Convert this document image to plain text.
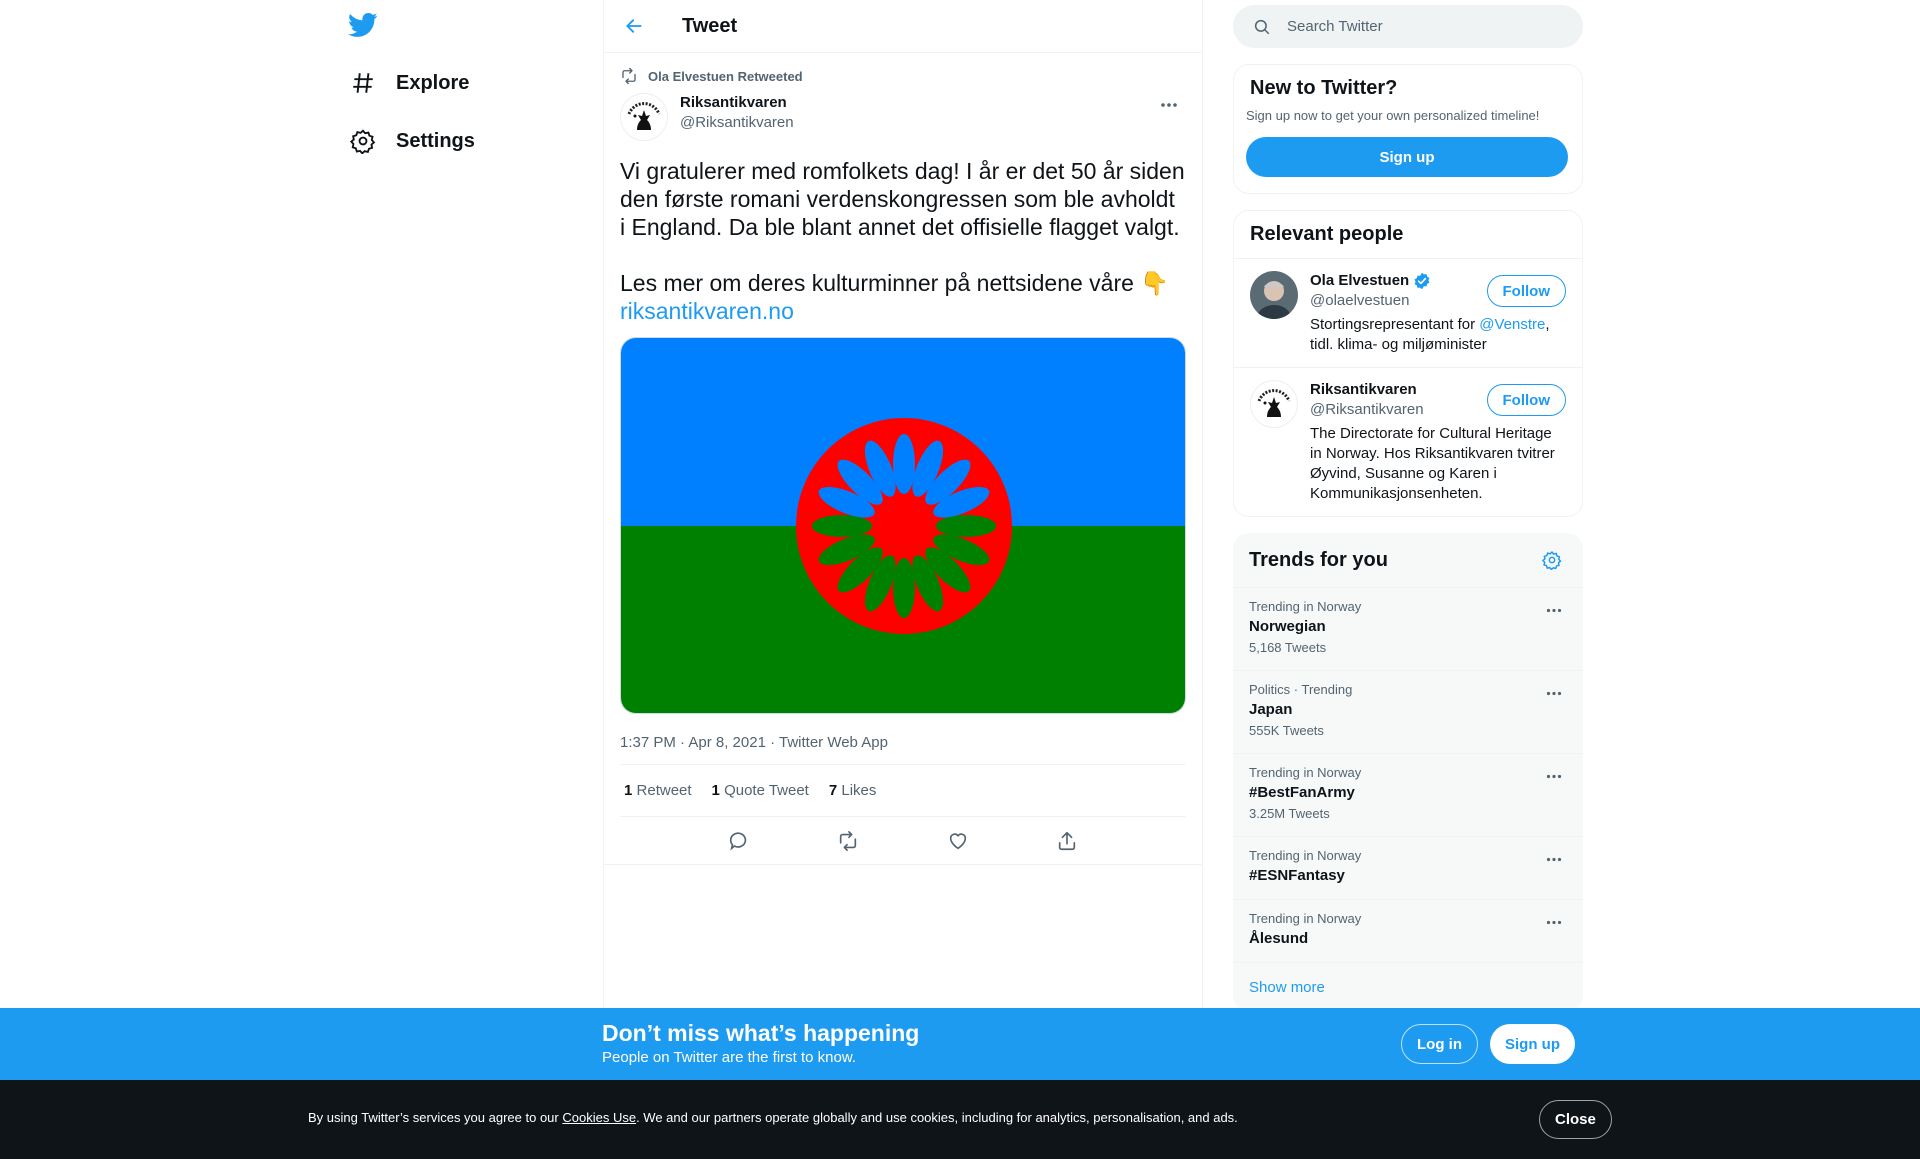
Explore
Settings
Tweet
Ola Elvestuen Retweeted
Riksantikvaren
@Riksantikvaren
Vi gratulerer med romfolkets dag! I år er det 50 år siden den første romani verdenskongressen som ble avholdt i England. Da ble blant annet det offisielle flagget valgt.

Les mer om deres kulturminner på nettsidene våre 👇
riksantikvaren.no
1:37 PM · Apr 8, 2021 · Twitter Web App
1 Retweet 1 Quote Tweet 7 Likes
Search Twitter
New to Twitter?
Sign up now to get your own personalized timeline!
Sign up
Relevant people
Ola Elvestuen
@olaelvestuen
Stortingsrepresentant for @Venstre, tidl. klima- og miljøminister
Follow
Riksantikvaren
@Riksantikvaren
The Directorate for Cultural Heritage in Norway. Hos Riksantikvaren tvitrer Øyvind, Susanne og Karen i Kommunikasjonsenheten.
Follow
Trends for you
Trending in Norway
Norwegian
5,168 Tweets
Politics · Trending
Japan
555K Tweets
Trending in Norway
#BestFanArmy
3.25M Tweets
Trending in Norway
#ESNFantasy
Trending in Norway
Ålesund
Show more
Don’t miss what’s happening
People on Twitter are the first to know.
Log in	Sign up
By using Twitter’s services you agree to our Cookies Use. We and our partners operate globally and use cookies, including for analytics, personalisation, and ads.	Close
